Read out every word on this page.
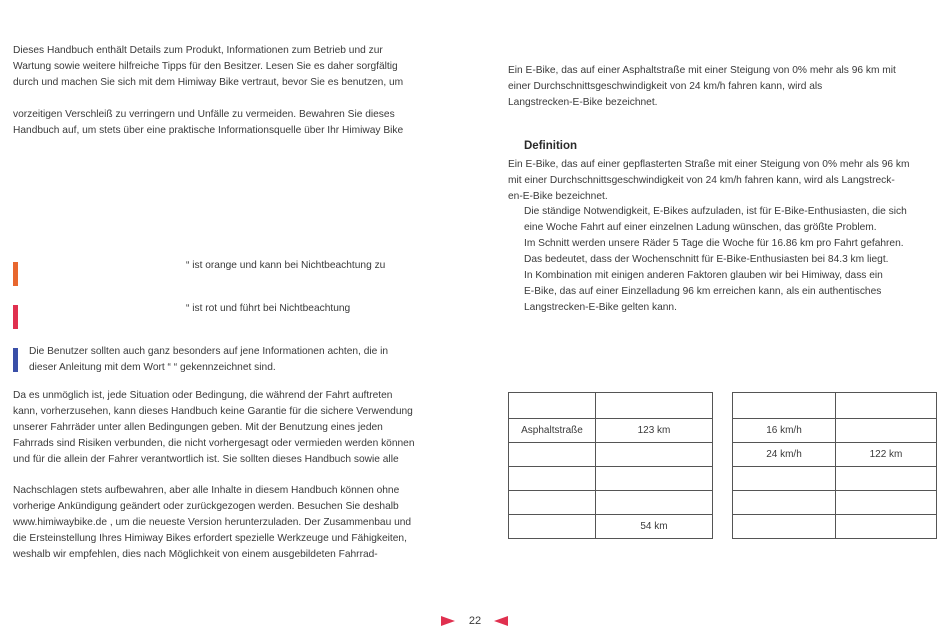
Dieses Handbuch enthält Details zum Produkt, Informationen zum Betrieb und zur
Wartung sowie weitere hilfreiche Tipps für den Besitzer. Lesen Sie es daher sorgfältig
durch und machen Sie sich mit dem Himiway Bike vertraut, bevor Sie es benutzen, um
vorzeitigen Verschleiß zu verringern und Unfälle zu vermeiden. Bewahren Sie dieses
Handbuch auf, um stets über eine praktische Informationsquelle über Ihr Himiway Bike
“ ist orange und kann bei Nichtbeachtung zu
“ ist rot und führt bei Nichtbeachtung
Die Benutzer sollten auch ganz besonders auf jene Informationen achten, die in
dieser Anleitung mit dem Wort “ “ gekennzeichnet sind.
Da es unmöglich ist, jede Situation oder Bedingung, die während der Fahrt auftreten
kann, vorherzusehen, kann dieses Handbuch keine Garantie für die sichere Verwendung
unserer Fahrräder unter allen Bedingungen geben. Mit der Benutzung eines jeden
Fahrrads sind Risiken verbunden, die nicht vorhergesagt oder vermieden werden können
und für die allein der Fahrer verantwortlich ist. Sie sollten dieses Handbuch sowie alle
Nachschlagen stets aufbewahren, aber alle Inhalte in diesem Handbuch können ohne
vorherige Ankündigung geändert oder zurückgezogen werden. Besuchen Sie deshalb
www.himiwaybike.de , um die neueste Version herunterzuladen. Der Zusammenbau und
die Ersteinstellung Ihres Himiway Bikes erfordert spezielle Werkzeuge und Fähigkeiten,
weshalb wir empfehlen, dies nach Möglichkeit von einem ausgebildeten Fahrrad-
Ein E-Bike, das auf einer Asphaltstraße mit einer Steigung von 0% mehr als 96 km mit
einer Durchschnittsgeschwindigkeit von 24 km/h fahren kann, wird als
Langstrecken-E-Bike bezeichnet.
Definition
Ein E-Bike, das auf einer gepflasterten Straße mit einer Steigung von 0% mehr als 96 km
mit einer Durchschnittsgeschwindigkeit von 24 km/h fahren kann, wird als Langstreck-
en-E-Bike bezeichnet.
Die ständige Notwendigkeit, E-Bikes aufzuladen, ist für E-Bike-Enthusiasten, die sich
eine Woche Fahrt auf einer einzelnen Ladung wünschen, das größte Problem.
Im Schnitt werden unsere Räder 5 Tage die Woche für 16.86 km pro Fahrt gefahren.
Das bedeutet, dass der Wochenschnitt für E-Bike-Enthusiasten bei 84.3 km liegt.
In Kombination mit einigen anderen Faktoren glauben wir bei Himiway, dass ein
E-Bike, das auf einer Einzelladung 96 km erreichen kann, als ein authentisches
Langstrecken-E-Bike gelten kann.

Asphaltstraße	123 km

	54 km

16 km/h	
24 km/h	122 km

22
